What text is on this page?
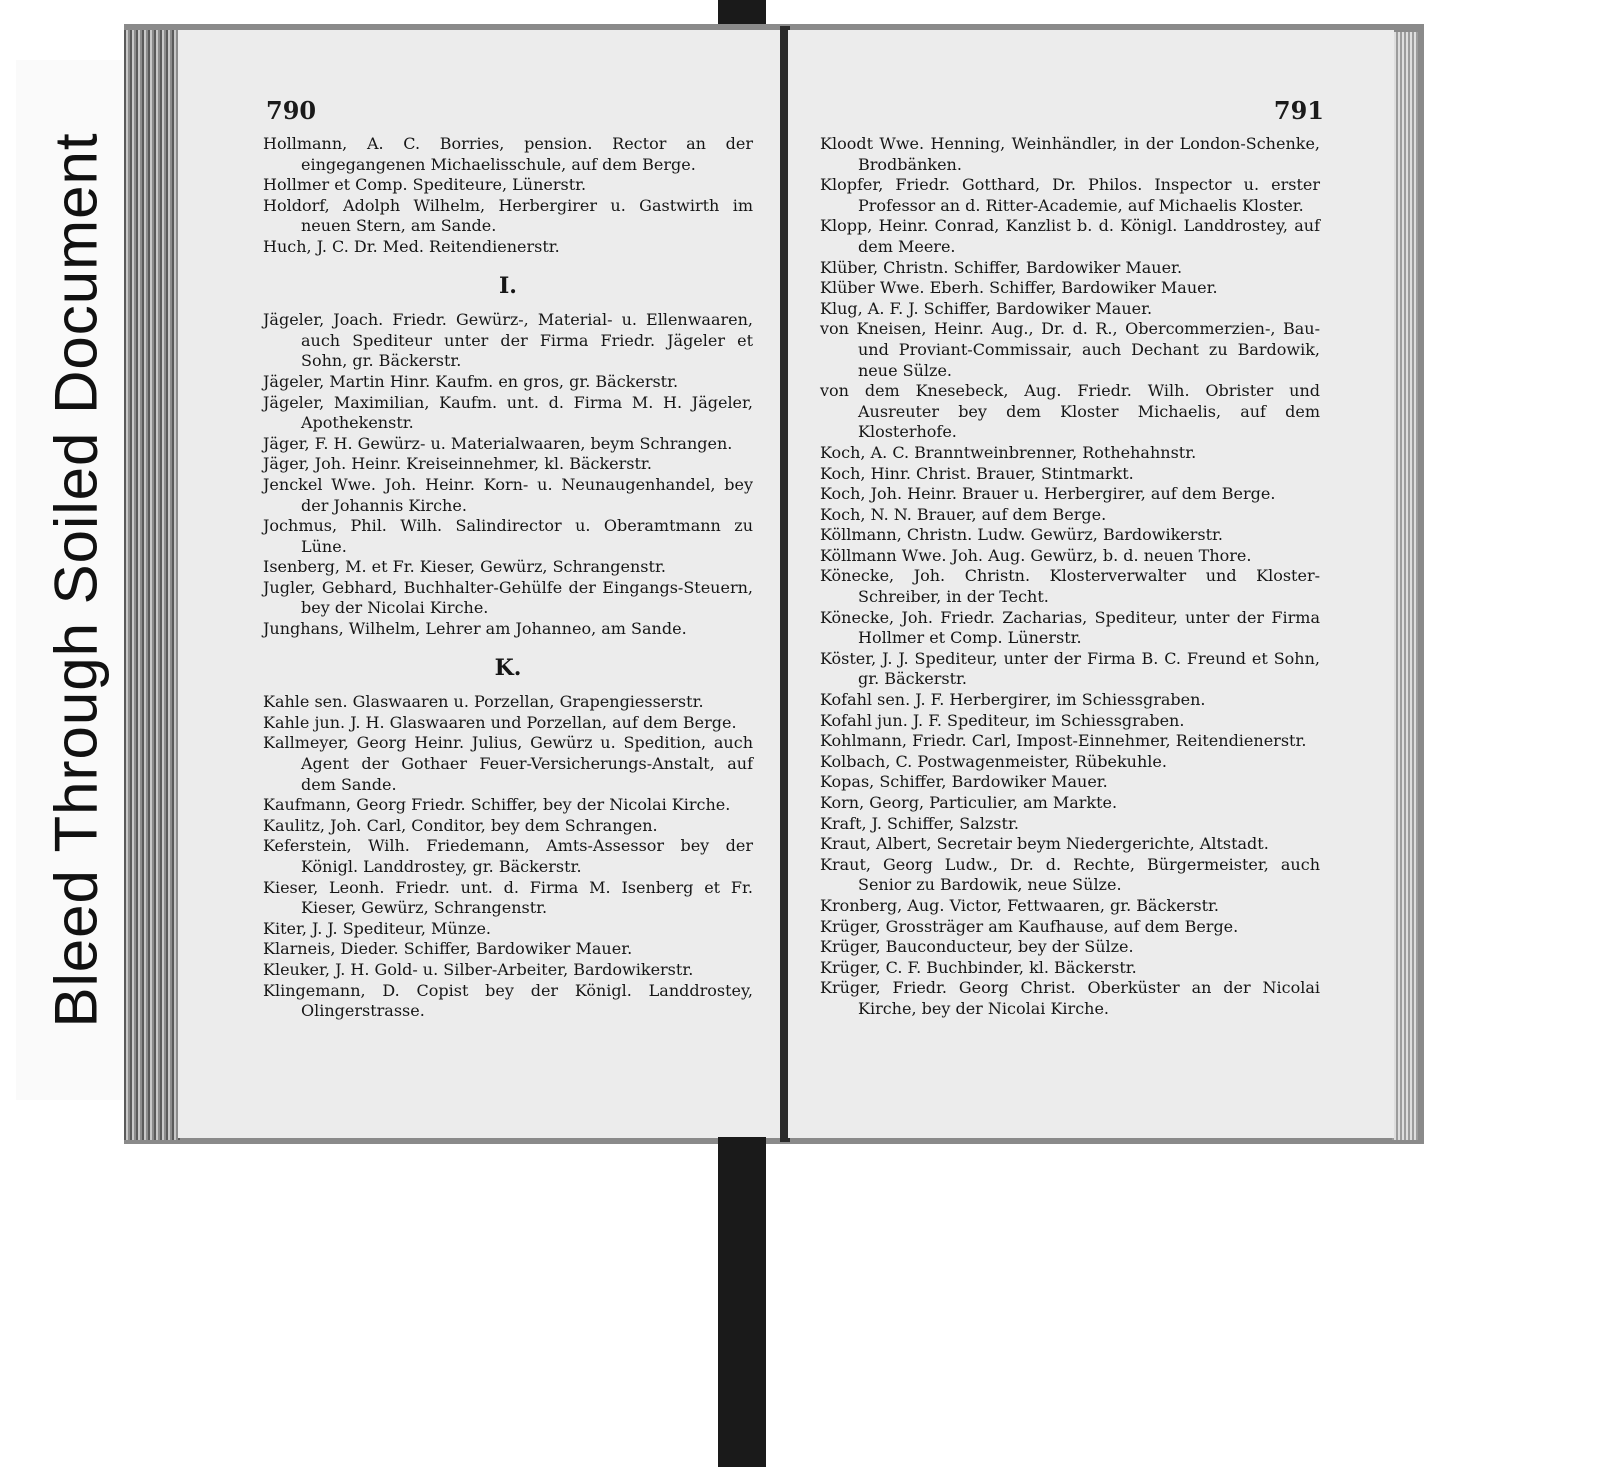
Bleed Through Soiled Document
790

Hollmann, A. C. Borries, pension. Rector an der eingegangenen Michaelisschule, auf dem Berge.

Hollmer et Comp. Spediteure, Lünerstr.

Holdorf, Adolph Wilhelm, Herbergirer u. Gastwirth im neuen Stern, am Sande.

Huch, J. C. Dr. Med. Reitendienerstr.

I.

Jägeler, Joach. Friedr. Gewürz-, Material- u. Ellenwaaren, auch Spediteur unter der Firma Friedr. Jägeler et Sohn, gr. Bäckerstr.

Jägeler, Martin Hinr. Kaufm. en gros, gr. Bäckerstr.

Jägeler, Maximilian, Kaufm. unt. d. Firma M. H. Jägeler, Apothekenstr.

Jäger, F. H. Gewürz- u. Materialwaaren, beym Schrangen.

Jäger, Joh. Heinr. Kreiseinnehmer, kl. Bäckerstr.

Jenckel Wwe. Joh. Heinr. Korn- u. Neunaugenhandel, bey der Johannis Kirche.

Jochmus, Phil. Wilh. Salindirector u. Oberamtmann zu Lüne.

Isenberg, M. et Fr. Kieser, Gewürz, Schrangenstr.

Jugler, Gebhard, Buchhalter-Gehülfe der Eingangs-Steuern, bey der Nicolai Kirche.

Junghans, Wilhelm, Lehrer am Johanneo, am Sande.

K.

Kahle sen. Glaswaaren u. Porzellan, Grapengiesserstr.

Kahle jun. J. H. Glaswaaren und Porzellan, auf dem Berge.

Kallmeyer, Georg Heinr. Julius, Gewürz u. Spedition, auch Agent der Gothaer Feuer-Versicherungs-Anstalt, auf dem Sande.

Kaufmann, Georg Friedr. Schiffer, bey der Nicolai Kirche.

Kaulitz, Joh. Carl, Conditor, bey dem Schrangen.

Keferstein, Wilh. Friedemann, Amts-Assessor bey der Königl. Landdrostey, gr. Bäckerstr.

Kieser, Leonh. Friedr. unt. d. Firma M. Isenberg et Fr. Kieser, Gewürz, Schrangenstr.

Kiter, J. J. Spediteur, Münze.

Klarneis, Dieder. Schiffer, Bardowiker Mauer.

Kleuker, J. H. Gold- u. Silber-Arbeiter, Bardowikerstr.

Klingemann, D. Copist bey der Königl. Landdrostey, Olingerstrasse.

791

Kloodt Wwe. Henning, Weinhändler, in der London-Schenke, Brodbänken.

Klopfer, Friedr. Gotthard, Dr. Philos. Inspector u. erster Professor an d. Ritter-Academie, auf Michaelis Kloster.

Klopp, Heinr. Conrad, Kanzlist b. d. Königl. Landdrostey, auf dem Meere.

Klüber, Christn. Schiffer, Bardowiker Mauer.

Klüber Wwe. Eberh. Schiffer, Bardowiker Mauer.

Klug, A. F. J. Schiffer, Bardowiker Mauer.

von Kneisen, Heinr. Aug., Dr. d. R., Obercommerzien-, Bau- und Proviant-Commissair, auch Dechant zu Bardowik, neue Sülze.

von dem Knesebeck, Aug. Friedr. Wilh. Obrister und Ausreuter bey dem Kloster Michaelis, auf dem Klosterhofe.

Koch, A. C. Branntweinbrenner, Rothehahnstr.

Koch, Hinr. Christ. Brauer, Stintmarkt.

Koch, Joh. Heinr. Brauer u. Herbergirer, auf dem Berge.

Koch, N. N. Brauer, auf dem Berge.

Köllmann, Christn. Ludw. Gewürz, Bardowikerstr.

Köllmann Wwe. Joh. Aug. Gewürz, b. d. neuen Thore.

Könecke, Joh. Christn. Klosterverwalter und Kloster-Schreiber, in der Techt.

Könecke, Joh. Friedr. Zacharias, Spediteur, unter der Firma Hollmer et Comp. Lünerstr.

Köster, J. J. Spediteur, unter der Firma B. C. Freund et Sohn, gr. Bäckerstr.

Kofahl sen. J. F. Herbergirer, im Schiessgraben.

Kofahl jun. J. F. Spediteur, im Schiessgraben.

Kohlmann, Friedr. Carl, Impost-Einnehmer, Reitendienerstr.

Kolbach, C. Postwagenmeister, Rübekuhle.

Kopas, Schiffer, Bardowiker Mauer.

Korn, Georg, Particulier, am Markte.

Kraft, J. Schiffer, Salzstr.

Kraut, Albert, Secretair beym Niedergerichte, Altstadt.

Kraut, Georg Ludw., Dr. d. Rechte, Bürgermeister, auch Senior zu Bardowik, neue Sülze.

Kronberg, Aug. Victor, Fettwaaren, gr. Bäckerstr.

Krüger, Grossträger am Kaufhause, auf dem Berge.

Krüger, Bauconducteur, bey der Sülze.

Krüger, C. F. Buchbinder, kl. Bäckerstr.

Krüger, Friedr. Georg Christ. Oberküster an der Nicolai Kirche, bey der Nicolai Kirche.
